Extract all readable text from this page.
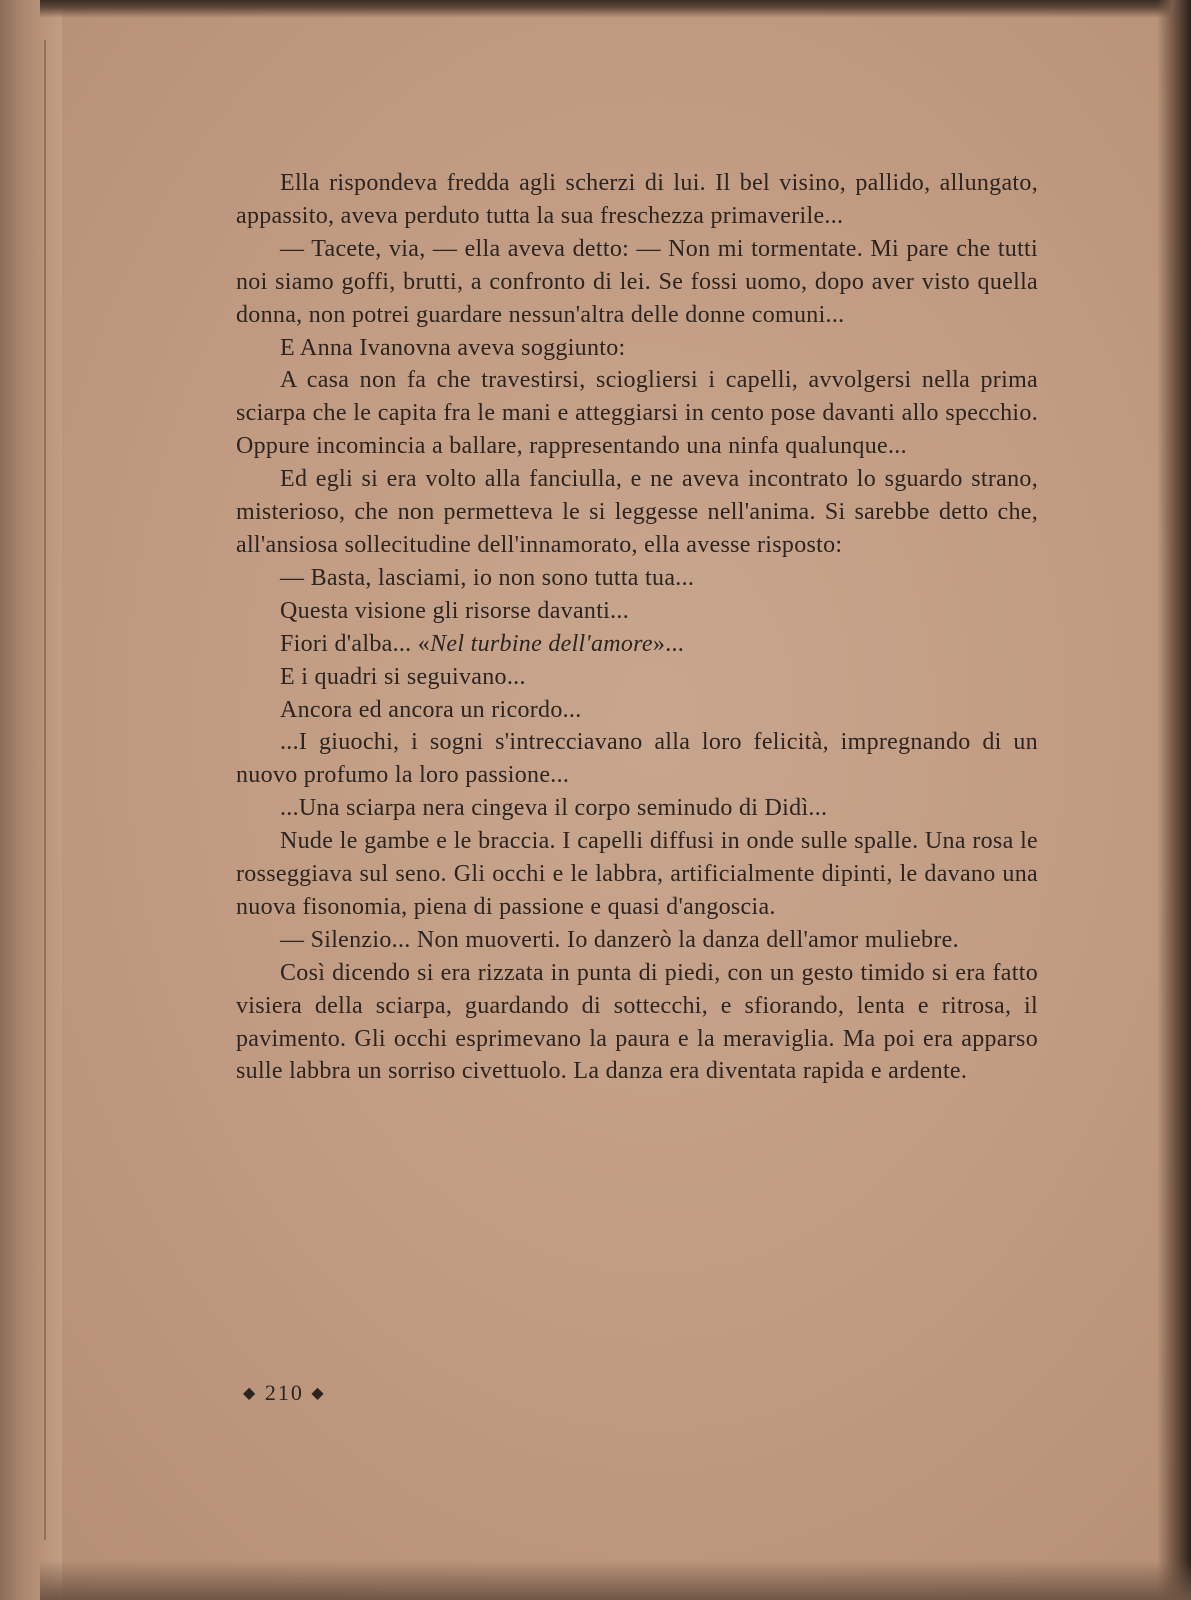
Ella rispondeva fredda agli scherzi di lui. Il bel visino, pallido, allungato, appassito, aveva perduto tutta la sua freschezza primaverile...

— Tacete, via, — ella aveva detto: — Non mi tormentate. Mi pare che tutti noi siamo goffi, brutti, a confronto di lei. Se fossi uomo, dopo aver visto quella donna, non potrei guardare nessun'altra delle donne comuni...

E Anna Ivanovna aveva soggiunto:

A casa non fa che travestirsi, sciogliersi i capelli, avvolgersi nella prima sciarpa che le capita fra le mani e atteggiarsi in cento pose davanti allo specchio. Oppure incomincia a ballare, rappresentando una ninfa qualunque...

Ed egli si era volto alla fanciulla, e ne aveva incontrato lo sguardo strano, misterioso, che non permetteva le si leggesse nell'anima. Si sarebbe detto che, all'ansiosa sollecitudine dell'innamorato, ella avesse risposto:

— Basta, lasciami, io non sono tutta tua...

Questa visione gli risorse davanti...

Fiori d'alba... «Nel turbine dell'amore»...

E i quadri si seguivano...

Ancora ed ancora un ricordo...

...I giuochi, i sogni s'intrecciavano alla loro felicità, impregnando di un nuovo profumo la loro passione...

...Una sciarpa nera cingeva il corpo seminudo di Didì...

Nude le gambe e le braccia. I capelli diffusi in onde sulle spalle. Una rosa le rosseggiava sul seno. Gli occhi e le labbra, artificialmente dipinti, le davano una nuova fisonomia, piena di passione e quasi d'angoscia.

— Silenzio... Non muoverti. Io danzerò la danza dell'amor muliebre.

Così dicendo si era rizzata in punta di piedi, con un gesto timido si era fatto visiera della sciarpa, guardando di sottecchi, e sfiorando, lenta e ritrosa, il pavimento. Gli occhi esprimevano la paura e la meraviglia. Ma poi era apparso sulle labbra un sorriso civettuolo. La danza era diventata rapida e ardente.

◆ 210 ◆
